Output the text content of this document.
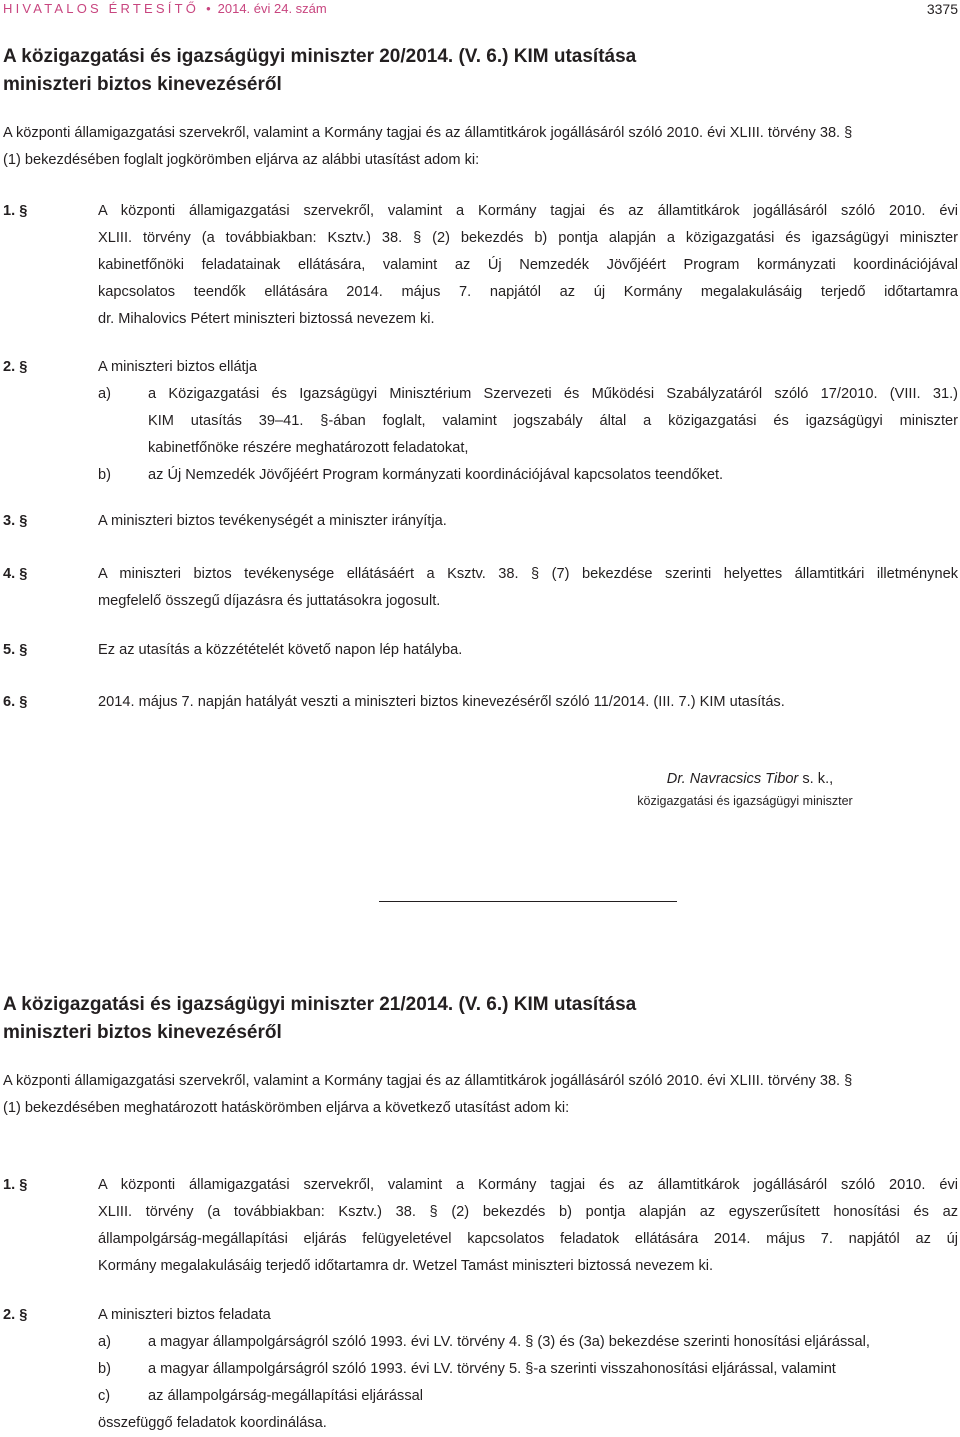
HIVATALOS ÉRTESÍTŐ • 2014. évi 24. szám	3375
A közigazgatási és igazságügyi miniszter 20/2014. (V. 6.) KIM utasítása
miniszteri biztos kinevezéséről
A központi államigazgatási szervekről, valamint a Kormány tagjai és az államtitkárok jogállásáról szóló 2010. évi XLIII. törvény 38. §
(1) bekezdésében foglalt jogkörömben eljárva az alábbi utasítást adom ki:
1. §	A központi államigazgatási szervekről, valamint a Kormány tagjai és az államtitkárok jogállásáról szóló 2010. évi
XLIII. törvény (a továbbiakban: Ksztv.) 38. § (2) bekezdés b) pontja alapján a közigazgatási és igazságügyi miniszter
kabinetfőnöki feladatainak ellátására, valamint az Új Nemzedék Jövőjéért Program kormányzati koordinációjával
kapcsolatos teendők ellátására 2014. május 7. napjától az új Kormány megalakulásáig terjedő időtartamra
dr. Mihalovics Pétert miniszteri biztossá nevezem ki.
2. §	A miniszteri biztos ellátja
a)	a Közigazgatási és Igazságügyi Minisztérium Szervezeti és Működési Szabályzatáról szóló 17/2010. (VIII. 31.)
KIM utasítás 39–41. §-ában foglalt, valamint jogszabály által a közigazgatási és igazságügyi miniszter
kabinetfőnöke részére meghatározott feladatokat,
b)	az Új Nemzedék Jövőjéért Program kormányzati koordinációjával kapcsolatos teendőket.
3. §	A miniszteri biztos tevékenységét a miniszter irányítja.
4. §	A miniszteri biztos tevékenysége ellátásáért a Ksztv. 38. § (7) bekezdése szerinti helyettes államtitkári illetménynek
megfelelő összegű díjazásra és juttatásokra jogosult.
5. §	Ez az utasítás a közzétételét követő napon lép hatályba.
6. §	2014. május 7. napján hatályát veszti a miniszteri biztos kinevezéséről szóló 11/2014. (III. 7.) KIM utasítás.
Dr. Navracsics Tibor s. k.,
közigazgatási és igazságügyi miniszter
A közigazgatási és igazságügyi miniszter 21/2014. (V. 6.) KIM utasítása
miniszteri biztos kinevezéséről
A központi államigazgatási szervekről, valamint a Kormány tagjai és az államtitkárok jogállásáról szóló 2010. évi XLIII. törvény 38. §
(1) bekezdésében meghatározott hatáskörömben eljárva a következő utasítást adom ki:
1. §	A központi államigazgatási szervekről, valamint a Kormány tagjai és az államtitkárok jogállásáról szóló 2010. évi
XLIII. törvény (a továbbiakban: Ksztv.) 38. § (2) bekezdés b) pontja alapján az egyszerűsített honosítási és az
állampolgárság-megállapítási eljárás felügyeletével kapcsolatos feladatok ellátására 2014. május 7. napjától az új
Kormány megalakulásáig terjedő időtartamra dr. Wetzel Tamást miniszteri biztossá nevezem ki.
2. §	A miniszteri biztos feladata
a)	a magyar állampolgárságról szóló 1993. évi LV. törvény 4. § (3) és (3a) bekezdése szerinti honosítási eljárással,
b)	a magyar állampolgárságról szóló 1993. évi LV. törvény 5. §-a szerinti visszahonosítási eljárással, valamint
c)	az állampolgárság-megállapítási eljárással
összefüggő feladatok koordinálása.
